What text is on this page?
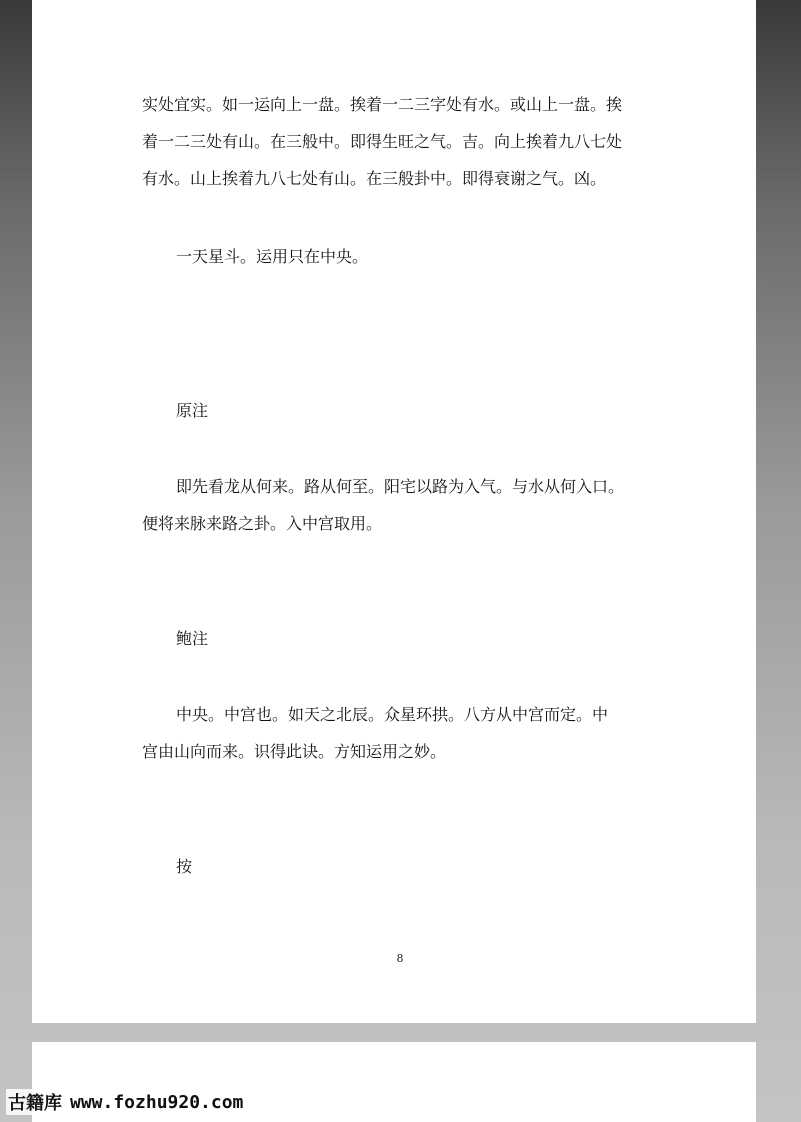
实处宜实。如一运向上一盘。挨着一二三字处有水。或山上一盘。挨
着一二三处有山。在三般中。即得生旺之气。吉。向上挨着九八七处
有水。山上挨着九八七处有山。在三般卦中。即得衰谢之气。凶。
一天星斗。运用只在中央。
原注
即先看龙从何来。路从何至。阳宅以路为入气。与水从何入口。
便将来脉来路之卦。入中宫取用。
鲍注
中央。中宫也。如天之北辰。众星环拱。八方从中宫而定。中
宫由山向而来。识得此诀。方知运用之妙。
按
8
古籍库 www.fozhu920.com
